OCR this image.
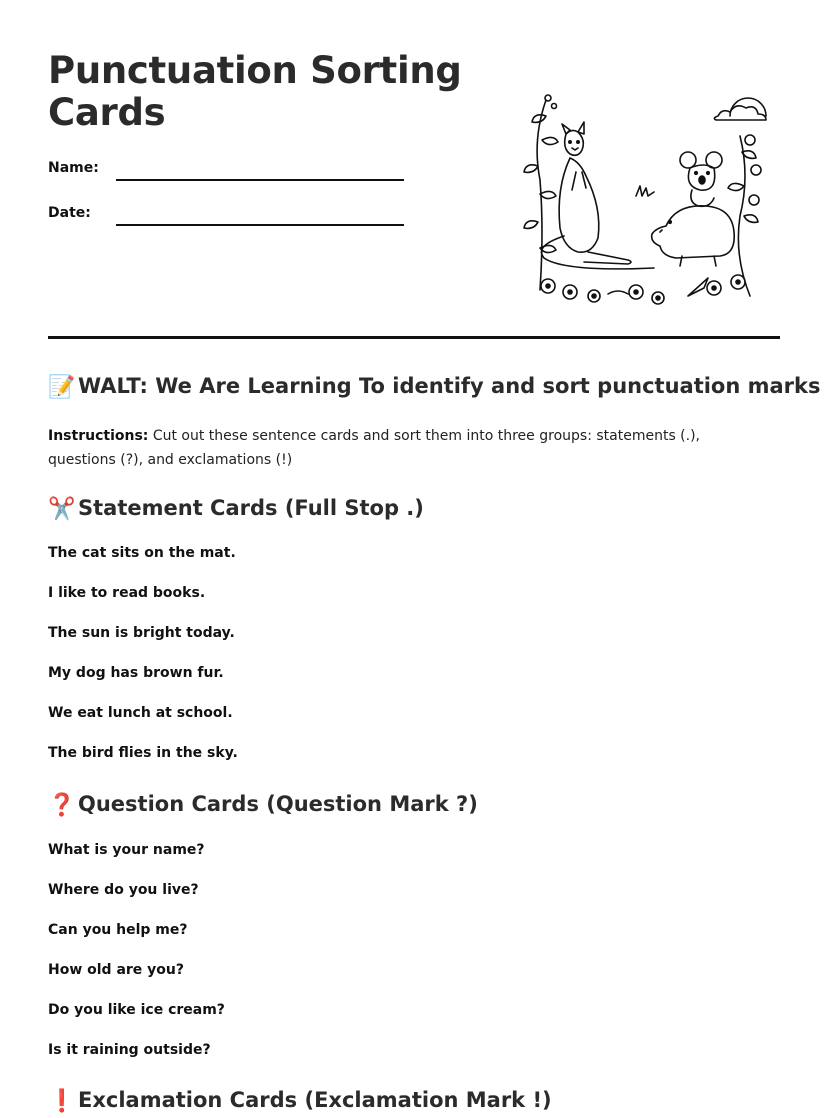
Punctuation Sorting Cards
Name:
Date:
📝 WALT: We Are Learning To identify and sort punctuation marks

Instructions: Cut out these sentence cards and sort them into three groups: statements (.), questions (?), and exclamations (!)

✂️ Statement Cards (Full Stop .)

The cat sits on the mat.

I like to read books.

The sun is bright today.

My dog has brown fur.

We eat lunch at school.

The bird flies in the sky.

❓ Question Cards (Question Mark ?)

What is your name?

Where do you live?

Can you help me?

How old are you?

Do you like ice cream?

Is it raining outside?

❗ Exclamation Cards (Exclamation Mark !)
